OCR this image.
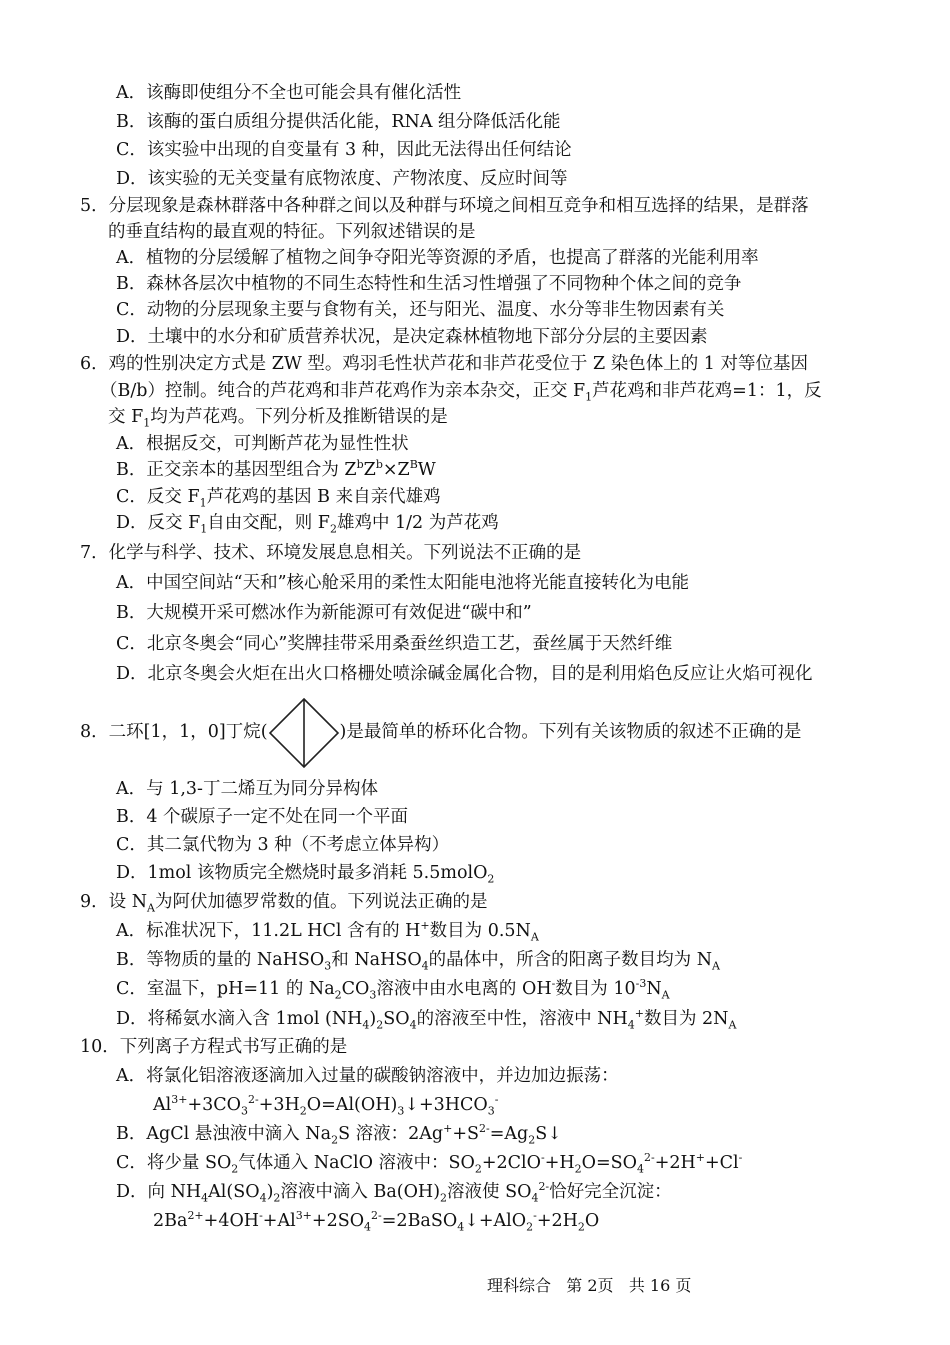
A．该酶即使组分不全也可能会具有催化活性
B．该酶的蛋白质组分提供活化能，RNA 组分降低活化能
C．该实验中出现的自变量有 3 种，因此无法得出任何结论
D．该实验的无关变量有底物浓度、产物浓度、反应时间等
5．分层现象是森林群落中各种群之间以及种群与环境之间相互竞争和相互选择的结果，是群落
的垂直结构的最直观的特征。下列叙述错误的是
A．植物的分层缓解了植物之间争夺阳光等资源的矛盾，也提高了群落的光能利用率
B．森林各层次中植物的不同生态特性和生活习性增强了不同物种个体之间的竞争
C．动物的分层现象主要与食物有关，还与阳光、温度、水分等非生物因素有关
D．土壤中的水分和矿质营养状况，是决定森林植物地下部分分层的主要因素
6．鸡的性别决定方式是 ZW 型。鸡羽毛性状芦花和非芦花受位于 Z 染色体上的 1 对等位基因
（B/b）控制。纯合的芦花鸡和非芦花鸡作为亲本杂交，正交 $F_1$芦花鸡和非芦花鸡=1：1，反
交 $F_1$均为芦花鸡。下列分析及推断错误的是
A．根据反交，可判断芦花为显性性状
B．正交亲本的基因型组合为 $Z^bZ^b\times Z^BW$
C．反交 $F_1$芦花鸡的基因 B 来自亲代雄鸡
D．反交 $F_1$自由交配，则 $F_2$雄鸡中 1/2 为芦花鸡
7．化学与科学、技术、环境发展息息相关。下列说法不正确的是
A．中国空间站“天和”核心舱采用的柔性太阳能电池将光能直接转化为电能
B．大规模开采可燃冰作为新能源可有效促进“碳中和”
C．北京冬奥会“同心”奖牌挂带采用桑蚕丝织造工艺，蚕丝属于天然纤维
D．北京冬奥会火炬在出火口格栅处喷涂碱金属化合物，目的是利用焰色反应让火焰可视化
8．二环[1，1，0]丁烷(	)是最简单的桥环化合物。下列有关该物质的叙述不正确的是
A．与 1,3-丁二烯互为同分异构体
B．4 个碳原子一定不处在同一个平面
C．其二氯代物为 3 种（不考虑立体异构）
D．1mol 该物质完全燃烧时最多消耗 5.5molO$_2$
9．设 $N_A$为阿伏加德罗常数的值。下列说法正确的是
A．标准状况下，11.2L HCl 含有的 H+数目为 $0.5N_A$
B．等物质的量的 NaHSO$_3$和 NaHSO$_4$的晶体中，所含的阳离子数目均为 $N_A$
C．室温下，pH=11 的 $Na_2CO_3$溶液中由水电离的 OH-数目为 $10^{-3}N_A$
D．将稀氨水滴入含 1mol $(NH_4)_2SO_4$的溶液至中性，溶液中 $NH_4^+$数目为 $2N_A$
10．下列离子方程式书写正确的是
A．将氯化铝溶液逐滴加入过量的碳酸钠溶液中，并边加边振荡：
$Al^{3+}+3CO_3^{2-}+3H_2O=Al(OH)_3↓+3HCO_3^-$
B．AgCl 悬浊液中滴入 $Na_2S$ 溶液：$2Ag^++S^{2-}=Ag_2S↓$
C．将少量 $SO_2$气体通入 NaClO 溶液中：$SO_2+2ClO^-+H_2O=SO_4^{2-}+2H^++Cl^-$
D．向 $NH_4Al(SO_4)_2$溶液中滴入 $Ba(OH)_2$溶液使 $SO_4^{2-}$恰好完全沉淀：
$2Ba^{2+}+4OH^-+Al^{3+}+2SO_4^{2-}=2BaSO_4↓+AlO_2^-+2H_2O$
理科综合 第 2页 共 16 页
